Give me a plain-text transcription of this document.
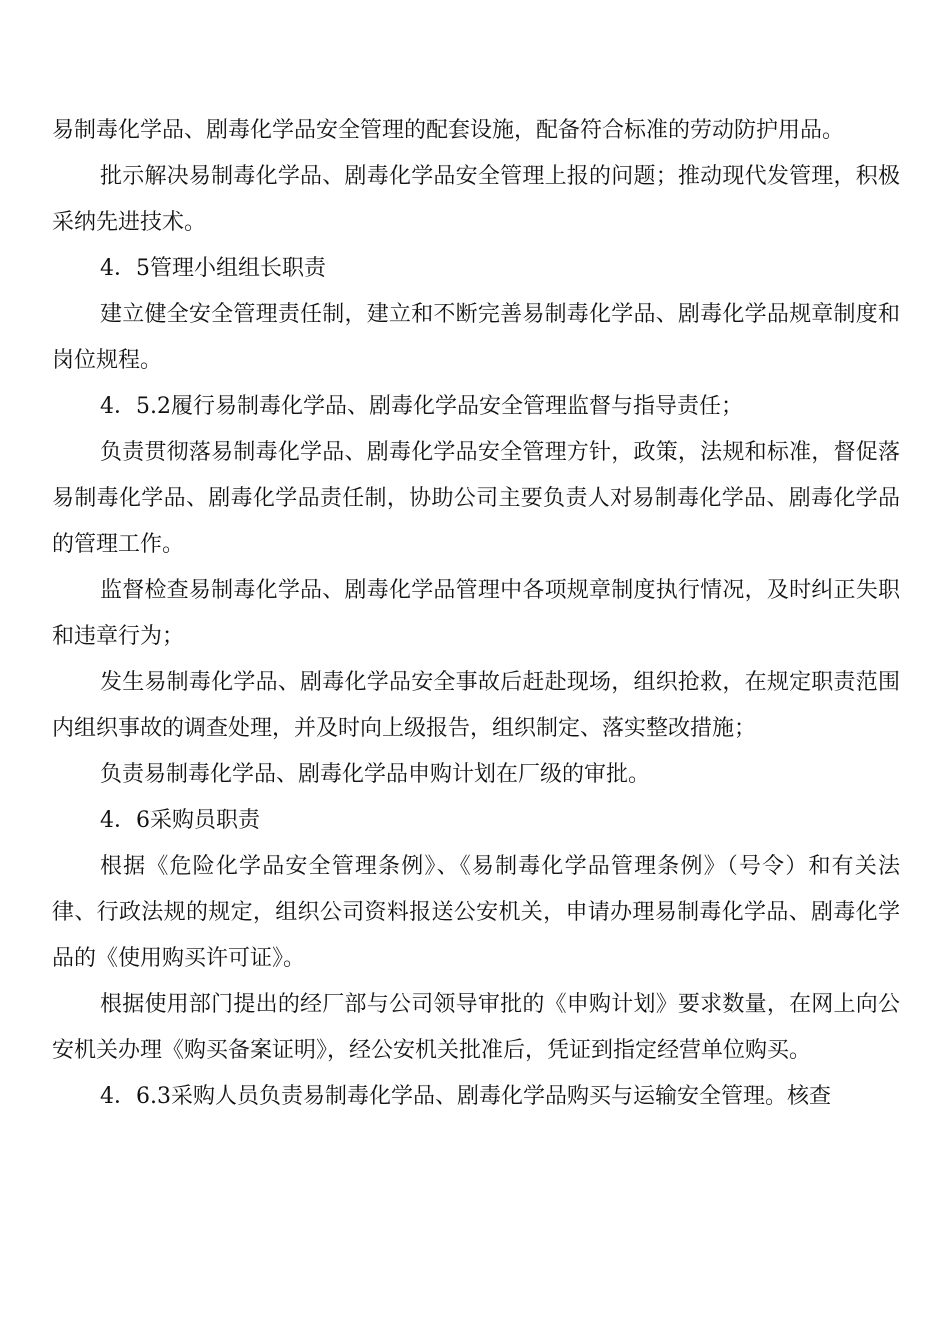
易制毒化学品、剧毒化学品安全管理的配套设施，配备符合标准的劳动防护用品。

批示解决易制毒化学品、剧毒化学品安全管理上报的问题；推动现代发管理，积极采纳先进技术。

4．5管理小组组长职责

建立健全安全管理责任制，建立和不断完善易制毒化学品、剧毒化学品规章制度和岗位规程。

4．5.2履行易制毒化学品、剧毒化学品安全管理监督与指导责任；

负责贯彻落易制毒化学品、剧毒化学品安全管理方针，政策，法规和标准，督促落易制毒化学品、剧毒化学品责任制，协助公司主要负责人对易制毒化学品、剧毒化学品的管理工作。

监督检查易制毒化学品、剧毒化学品管理中各项规章制度执行情况，及时纠正失职和违章行为；

发生易制毒化学品、剧毒化学品安全事故后赶赴现场，组织抢救，在规定职责范围内组织事故的调查处理，并及时向上级报告，组织制定、落实整改措施；

负责易制毒化学品、剧毒化学品申购计划在厂级的审批。

4．6采购员职责

根据《危险化学品安全管理条例》、《易制毒化学品管理条例》（号令）和有关法律、行政法规的规定，组织公司资料报送公安机关，申请办理易制毒化学品、剧毒化学品的《使用购买许可证》。

根据使用部门提出的经厂部与公司领导审批的《申购计划》要求数量，在网上向公安机关办理《购买备案证明》，经公安机关批准后，凭证到指定经营单位购买。

4．6.3采购人员负责易制毒化学品、剧毒化学品购买与运输安全管理。核查
